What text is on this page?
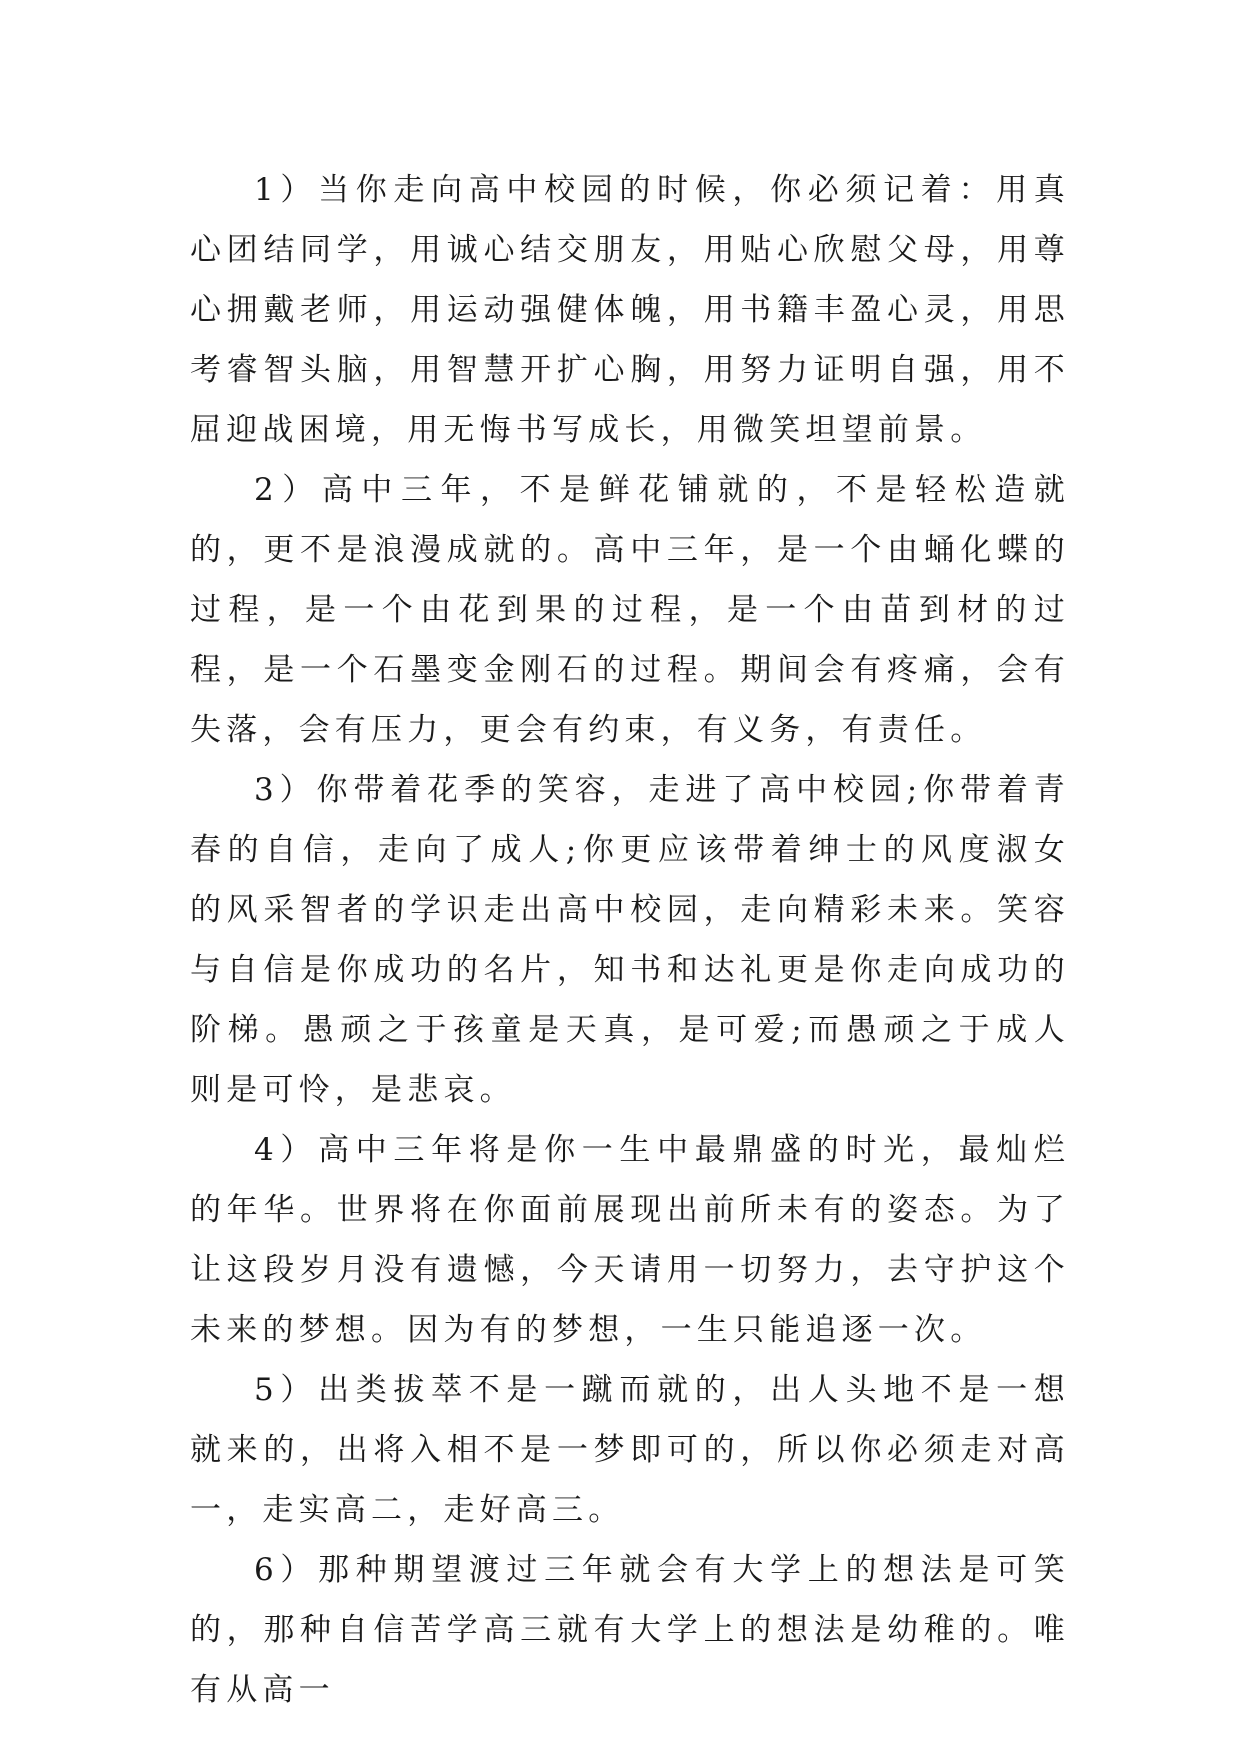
1）当你走向高中校园的时候，你必须记着：用真心团结同学，用诚心结交朋友，用贴心欣慰父母，用尊心拥戴老师，用运动强健体魄，用书籍丰盈心灵，用思考睿智头脑，用智慧开扩心胸，用努力证明自强，用不屈迎战困境，用无悔书写成长，用微笑坦望前景。

2）高中三年，不是鲜花铺就的，不是轻松造就的，更不是浪漫成就的。高中三年，是一个由蛹化蝶的过程，是一个由花到果的过程，是一个由苗到材的过程，是一个石墨变金刚石的过程。期间会有疼痛，会有失落，会有压力，更会有约束，有义务，有责任。

3）你带着花季的笑容，走进了高中校园;你带着青春的自信，走向了成人;你更应该带着绅士的风度淑女的风采智者的学识走出高中校园，走向精彩未来。笑容与自信是你成功的名片，知书和达礼更是你走向成功的阶梯。愚顽之于孩童是天真，是可爱;而愚顽之于成人则是可怜，是悲哀。

4）高中三年将是你一生中最鼎盛的时光，最灿烂的年华。世界将在你面前展现出前所未有的姿态。为了让这段岁月没有遗憾，今天请用一切努力，去守护这个未来的梦想。因为有的梦想，一生只能追逐一次。

5）出类拔萃不是一蹴而就的，出人头地不是一想就来的，出将入相不是一梦即可的，所以你必须走对高一，走实高二，走好高三。

6）那种期望渡过三年就会有大学上的想法是可笑的，那种自信苦学高三就有大学上的想法是幼稚的。唯有从高一
